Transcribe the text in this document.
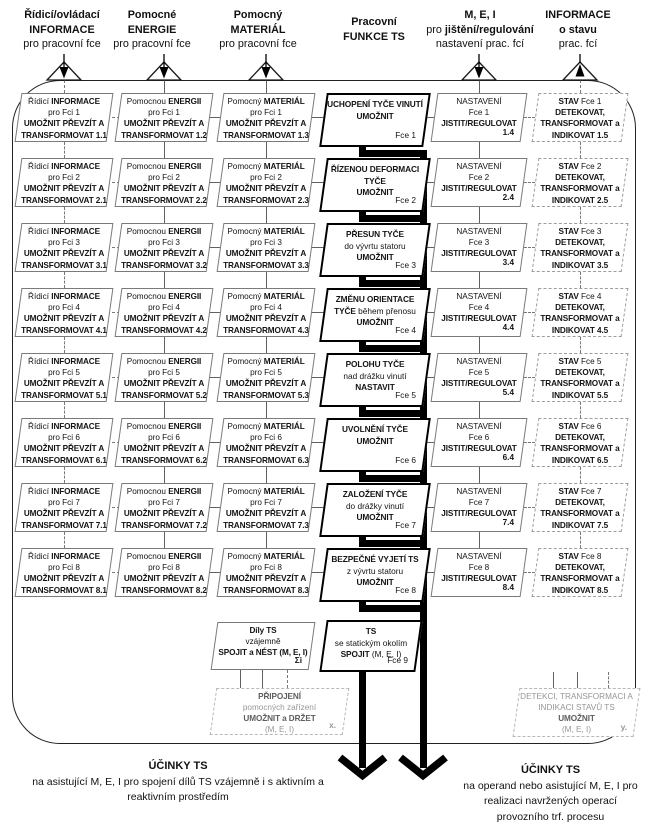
Řídicí/ovládací
INFORMACE
pro pracovní fce
Pomocné
ENERGIE
pro pracovní fce
Pomocný
MATERIÁL
pro pracovní fce
Pracovní
FUNKCE TS
M, E, I
pro jištění/regulování
nastavení prac. fcí
INFORMACE
o stavu
prac. fcí
Řídicí INFORMACE
pro Fci 1
UMOŽNIT PŘEVZÍT A
TRANSFORMOVAT 1.1
Pomocnou ENERGII
pro Fci 1
UMOŽNIT PŘEVZÍT A
TRANSFORMOVAT 1.2
Pomocný MATERIÁL
pro Fci 1
UMOŽNIT PŘEVZÍT A
TRANSFORMOVAT 1.3
UCHOPENÍ TYČE VINUTÍ
UMOŽNIT
Fce 1
NASTAVENÍ
Fce 1
JISTIT/REGULOVAT
1.4
STAV Fce 1
DETEKOVAT,
TRANSFORMOVAT a
INDIKOVAT 1.5
Řídicí INFORMACE
pro Fci 2
UMOŽNIT PŘEVZÍT A
TRANSFORMOVAT 2.1
Pomocnou ENERGII
pro Fci 2
UMOŽNIT PŘEVZÍT A
TRANSFORMOVAT 2.2
Pomocný MATERIÁL
pro Fci 2
UMOŽNIT PŘEVZÍT A
TRANSFORMOVAT 2.3
ŘÍZENOU DEFORMACI
TYČE
UMOŽNIT
Fce 2
NASTAVENÍ
Fce 2
JISTIT/REGULOVAT
2.4
STAV Fce 2
DETEKOVAT,
TRANSFORMOVAT a
INDIKOVAT 2.5
Řídicí INFORMACE
pro Fci 3
UMOŽNIT PŘEVZÍT A
TRANSFORMOVAT 3.1
Pomocnou ENERGII
pro Fci 3
UMOŽNIT PŘEVZÍT A
TRANSFORMOVAT 3.2
Pomocný MATERIÁL
pro Fci 3
UMOŽNIT PŘEVZÍT A
TRANSFORMOVAT 3.3
PŘESUN TYČE
do vývrtu statoru
UMOŽNIT
Fce 3
NASTAVENÍ
Fce 3
JISTIT/REGULOVAT
3.4
STAV Fce 3
DETEKOVAT,
TRANSFORMOVAT a
INDIKOVAT 3.5
Řídicí INFORMACE
pro Fci 4
UMOŽNIT PŘEVZÍT A
TRANSFORMOVAT 4.1
Pomocnou ENERGII
pro Fci 4
UMOŽNIT PŘEVZÍT A
TRANSFORMOVAT 4.2
Pomocný MATERIÁL
pro Fci 4
UMOŽNIT PŘEVZÍT A
TRANSFORMOVAT 4.3
ZMĚNU ORIENTACE
TYČE během přenosu
UMOŽNIT
Fce 4
NASTAVENÍ
Fce 4
JISTIT/REGULOVAT
4.4
STAV Fce 4
DETEKOVAT,
TRANSFORMOVAT a
INDIKOVAT 4.5
Řídicí INFORMACE
pro Fci 5
UMOŽNIT PŘEVZÍT A
TRANSFORMOVAT 5.1
Pomocnou ENERGII
pro Fci 5
UMOŽNIT PŘEVZÍT A
TRANSFORMOVAT 5.2
Pomocný MATERIÁL
pro Fci 5
UMOŽNIT PŘEVZÍT A
TRANSFORMOVAT 5.3
POLOHU TYČE
nad drážku vinutí
NASTAVIT
Fce 5
NASTAVENÍ
Fce 5
JISTIT/REGULOVAT
5.4
STAV Fce 5
DETEKOVAT,
TRANSFORMOVAT a
INDIKOVAT 5.5
Řídicí INFORMACE
pro Fci 6
UMOŽNIT PŘEVZÍT A
TRANSFORMOVAT 6.1
Pomocnou ENERGII
pro Fci 6
UMOŽNIT PŘEVZÍT A
TRANSFORMOVAT 6.2
Pomocný MATERIÁL
pro Fci 6
UMOŽNIT PŘEVZÍT A
TRANSFORMOVAT 6.3
UVOLNĚNÍ TYČE
UMOŽNIT
Fce 6
NASTAVENÍ
Fce 6
JISTIT/REGULOVAT
6.4
STAV Fce 6
DETEKOVAT,
TRANSFORMOVAT a
INDIKOVAT 6.5
Řídicí INFORMACE
pro Fci 7
UMOŽNIT PŘEVZÍT A
TRANSFORMOVAT 7.1
Pomocnou ENERGII
pro Fci 7
UMOŽNIT PŘEVZÍT A
TRANSFORMOVAT 7.2
Pomocný MATERIÁL
pro Fci 7
UMOŽNIT PŘEVZÍT A
TRANSFORMOVAT 7.3
ZALOŽENÍ TYČE
do drážky vinutí
UMOŽNIT
Fce 7
NASTAVENÍ
Fce 7
JISTIT/REGULOVAT
7.4
STAV Fce 7
DETEKOVAT,
TRANSFORMOVAT a
INDIKOVAT 7.5
Řídicí INFORMACE
pro Fci 8
UMOŽNIT PŘEVZÍT A
TRANSFORMOVAT 8.1
Pomocnou ENERGII
pro Fci 8
UMOŽNIT PŘEVZÍT A
TRANSFORMOVAT 8.2
Pomocný MATERIÁL
pro Fci 8
UMOŽNIT PŘEVZÍT A
TRANSFORMOVAT 8.3
BEZPEČNÉ VYJETÍ TS
z vývrtu statoru
UMOŽNIT
Fce 8
NASTAVENÍ
Fce 8
JISTIT/REGULOVAT
8.4
STAV Fce 8
DETEKOVAT,
TRANSFORMOVAT a
INDIKOVAT 8.5
Díly TS
vzájemně
SPOJIT a NÉST (M, E, I)
Σi
TS
se statickým okolím
SPOJIT (M, E, I)
Fce 9
PŘIPOJENÍ
pomocných zařízení
UMOŽNIT a DRŽET
(M, E, I)	x.
DETEKCI, TRANSFORMACI A
INDIKACI STAVŮ TS
UMOŽNIT
(M, E, I)	y.
ÚČINKY TS
na asistující M, E, I pro spojení dílů TS vzájemně i s aktivním a
reaktivním prostředím
ÚČINKY TS
na operand nebo asistující M, E, I pro
realizaci navržených operací
provozního trf. procesu
